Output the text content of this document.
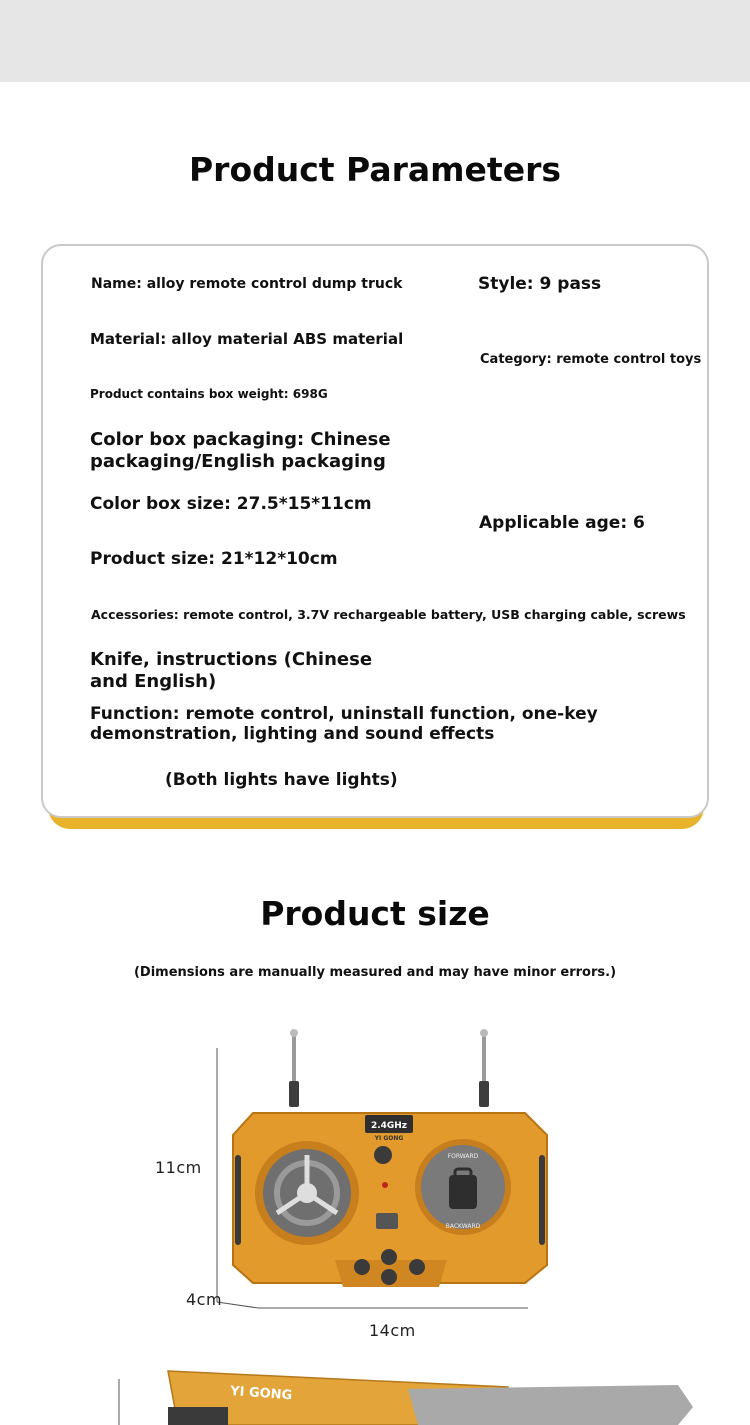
Product Parameters
Name: alloy remote control dump truck	Style: 9 pass
Material: alloy material ABS material
Category: remote control toys
Product contains box weight: 698G
Color box packaging: Chinese packaging/English packaging
Color box size: 27.5*15*11cm
Applicable age: 6
Product size: 21*12*10cm
Accessories: remote control, 3.7V rechargeable battery, USB charging cable, screws
Knife, instructions (Chinese and English)
Function: remote control, uninstall function, one-key demonstration, lighting and sound effects
(Both lights have lights)
Product size
(Dimensions are manually measured and may have minor errors.)
11cm
4cm
14cm
2.4GHz
YI GONG
FORWARD
BACKWARD
YI GONG
